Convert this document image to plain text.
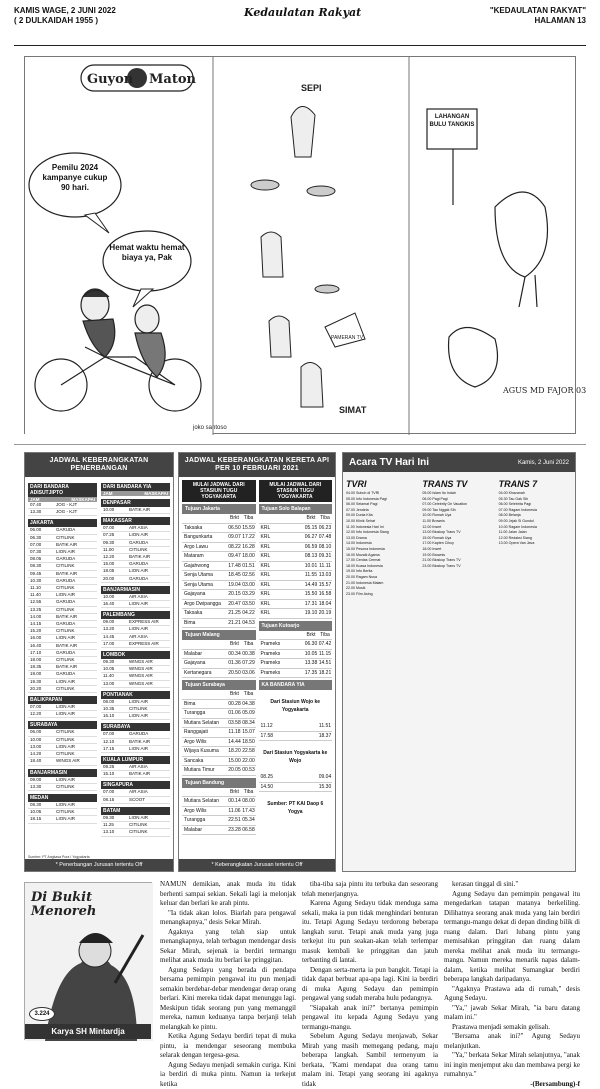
KAMIS WAGE, 2 JUNI 2022
( 2 DULKAIDAH 1955 )
Kedaulatan Rakyat	"KEDAULATAN RAKYAT"
HALAMAN 13
Guyon Maton
Pemilu 2024 kampanye cukup 90 hari.
Hemat waktu hemat biaya ya, Pak
joko santoso
SEPI
PAMERAN TV
SIMAT
LAHANGAN BULU TANGKIS
AGUS MD FAJOR 03
JADWAL KEBERANGKATAN
PENERBANGAN
DARI BANDARA ADISUTJIPTO
JAM	MASKAPAI
07.40	JOG - KJT
13.30	JOG - KJT
JAKARTA
06.00	GARUDA
06.30	CITILINK
07.00	BATIK AIR
07.30	LION AIR
08.05	GARUDA
08.30	CITILINK
09.45	BATIK AIR
10.30	GARUDA
11.10	CITILINK
11.40	LION AIR
12.55	GARUDA
13.25	CITILINK
14.00	BATIK AIR
14.15	GARUDA
15.20	CITILINK
16.00	LION AIR
16.40	BATIK AIR
17.10	GARUDA
18.00	CITILINK
18.35	BATIK AIR
19.00	GARUDA
19.30	LION AIR
20.20	CITILINK
BALIKPAPAN
07.00	LION AIR
12.20	LION AIR
SURABAYA
06.00	CITILINK
10.00	CITILINK
13.00	LION AIR
14.20	CITILINK
18.40	WINGS AIR
BANJARMASIN
09.00	LION AIR
13.30	CITILINK
MEDAN
08.30	LION AIR
10.05	CITILINK
18.15	LION AIR
DARI BANDARA YIA
JAM	MASKAPAI
DENPASAR
10.00	BATIK AIR
MAKASSAR
07.00	AIR ASIA
07.25	LION AIR
09.30	GARUDA
11.00	CITILINK
12.20	BATIK AIR
15.00	GARUDA
18.05	LION AIR
20.00	GARUDA
BANJARMASIN
10.00	AIR ASIA
16.40	LION AIR
PALEMBANG
09.00	EXPRESS AIR
13.20	LION AIR
14.45	AIR ASIA
17.00	EXPRESS AIR
LOMBOK
09.30	WINGS AIR
10.05	WINGS AIR
11.40	WINGS AIR
13.00	WINGS AIR
PONTIANAK
08.00	LION AIR
10.35	CITILINK
16.10	LION AIR
SURABAYA
07.00	GARUDA
12.10	BATIK AIR
17.15	LION AIR
KUALA LUMPUR
09.25	AIR ASIA
15.10	BATIK AIR
SINGAPURA
07.00	AIR ASIA
08.15	SCOOT
BATAM
09.30	LION AIR
11.25	CITILINK
13.10	CITILINK
Sumber: PT Angkasa Pura I Yogyakarta
* Penerbangan Jurusan tertentu Off
JADWAL KEBERANGKATAN KERETA API
PER 10 FEBRUARI 2021
MULAI JADWAL DARI STASIUN TUGU YOGYAKARTA
Tujuan Jakarta
Brkt Tiba
Taksaka	06.50 15.59
Bangunkarta	09.07 17.22
Argo Lawu	08.22 16.28
Mataram	09.47 18.00
Gajahwong	17.48 01.51
Senja Utama	18.45 02.56
Senja Utama	19.04 03.00
Gajayana	20.15 03.29
Argo Dwipangga	20.47 03.50
Taksaka	21.25 04.22
Bima	21.21 04.53
Tujuan Malang
Brkt Tiba
Malabar	00.34 00.38
Gajayana	01.36 07.29
Kertanegara	20.50 03.06
Tujuan Surabaya
Brkt Tiba
Bima	00.28 04.38
Turangga	01.06 05.09
Mutiara Selatan	03.58 08.34
Ranggajati	11.18 15.07
Argo Wilis	14.44 18.50
Wijaya Kusuma	18.20 22.58
Sancaka	15.00 22.00
Mutiara Timur	20.05 00.53
Tujuan Bandung
Brkt Tiba
Mutiara Selatan	00.14 08.00
Argo Wilis	11.06 17.43
Turangga	22.51 05.34
Malabar	23.28 06.58
MULAI JADWAL DARI STASIUN TUGU YOGYAKARTA
Tujuan Solo Balapan
Brkt Tiba
KRL	05.15 06.23
KRL	06.27 07.48
KRL	06.59 08.10
KRL	08.13 09.31
KRL	10.01 11.11
KRL	11.55 13.03
KRL	14.49 15.57
KRL	15.50 16.58
KRL	17.31 18.04
KRL	19.10 20.19
Tujuan Kutoarjo
Brkt Tiba
Prameks	06.30 07.42
Prameks	10.05 11.15
Prameks	13.38 14.51
Prameks	17.35 18.21
KA BANDARA YIA
Dari Stasiun Wojo ke Yogyakarta
11.12	11.51
17.58	18.37
Dari Stasiun Yogyakarta ke Wojo
08.25	09.04
14.50	15.30
Sumber: PT KAI Daop 6 Yogya
* Keberangkatan Jurusan tertentu Off
Acara TV Hari Ini	Kamis, 2 Juni 2022
TVRI
04.00 Subuh di TVRI
05.00 Info Indonesia Pagi
06.00 Selamat Pagi
07.00 Jendela
09.00 Dunia Kita
10.00 Klinik Sehat
11.00 Indonesia Hari Ini
12.00 Info Indonesia Siang
13.00 Drama
14.00 Indonesia
15.00 Pesona Indonesia
16.00 Mozaik Agama
17.00 Cerdas Cermat
18.00 Kuasa Indonesia
19.00 Info Berita
20.00 Ragam Nusa
21.00 Indonesia Malam
22.00 Musik
23.00 Film Asing
TRANS TV
05.00 Islam Itu Indah
06.00 Pagi Pagi
07.00 Celebrity On Vacation
09.00 Tau Nggak Sih
10.00 Rumah Uya
11.00 Brownis
12.00 Insert
13.00 Bioskop Trans TV
15.00 Rumah Uya
17.00 Kapten Cihuy
18.00 Insert
19.00 Brownis
21.00 Bioskop Trans TV
23.00 Bioskop Trans TV
TRANS 7
04.00 Khazanah
05.30 Tau Gak Sih
06.00 Selebrita Pagi
07.00 Ragam Indonesia
08.00 Belanja
09.00 Jejak Si Gundul
10.00 Ragam Indonesia
11.00 Jalan Jalan
12.00 Redaksi Siang
13.00 Opera Van Java
Di Bukit Menoreh
3.224
Karya SH Mintardja

NAMUN demikian, anak muda itu tidak berhenti sampai sekian. Sekali lagi ia melonjak keluar dan berlari ke arah pintu.

"Ia tidak akan lolos. Biarlah para pengawal menangkapnya," desis Sekar Mirah.

Agaknya yang telah siap untuk menangkapnya, telah terbagun mendengar desis Sekar Mirah, sejenak ia berdiri termangu melihat anak muda itu berlari ke pringgitan.

Agung Sedayu yang berada di pendapa bersama pemimpin pengawal itu pun menjadi semakin berdebar-debar mendengar derap orang berlari. Kini mereka tidak dapat menunggu lagi. Meskipun tidak seorang pun yang memanggil mereka, namun keduanya tanpa berjanji telah melangkah ke pintu.

Ketika Agung Sedayu berdiri tepat di muka pintu, ia mendengar seseorang membuka selarak dengan tergesa-gesa.

Agung Sedayu menjadi semakin curiga. Kini ia berdiri di muka pintu. Namun ia terkejut ketika

tiba-tiba saja pintu itu terbuka dan seseorang telah menerjangnya.

Karena Agung Sedayu tidak menduga sama sekali, maka ia pun tidak menghindari benturan itu. Tetapi Agung Sedayu terdorong beberapa langkah surut. Tetapi anak muda yang juga terkejut itu pun seakan-akan telah terlempar masuk kembali ke pringgitan dan jatuh terbanting di lantai.

Dengan serta-merta ia pun bangkit. Tetapi ia tidak dapat berbuat apa-apa lagi. Kini ia berdiri di muka Agung Sedayu dan pemimpin pengawal yang sudah meraba hulu pedangnya.

"Siapakah anak ini?" bertanya pemimpin pengawal itu kepada Agung Sedayu yang termangu-mangu.

Sebelum Agung Sedayu menjawab, Sekar Mirah yang masih memegang pedang, maju beberapa langkah. Sambil termenyum ia berkata, "Kami mendapat dua orang tamu malam ini. Tetapi yang seorang ini agaknya tidak

kerasan tinggal di sini."

Agung Sedayu dan pemimpin pengawal itu mengedarkan tatapan matanya berkeliling. Dilihatnya seorang anak muda yang lain berdiri termangu-mangu dekat di depan dinding bilik di ruang dalam. Dari lubang pintu yang memisahkan pringgitan dan ruang dalam mereka melihat anak muda itu termangu-mangu. Namun mereka menarik napas dalam-dalam, ketika melihat Sumangkar berdiri beberapa langkah daripadanya.

"Agaknya Prastawa ada di rumah," desis Agung Sedayu.

"Ya," jawab Sekar Mirah, "ia baru datang malam ini."

Prastawa menjadi semakin gelisah.

"Bersama anak ini?" Agung Sedayu melanjutkan.

"Ya," berkata Sekar Mirah selanjutnya, "anak ini ingin menjemput aku dan membawa pergi ke rumahnya."

-(Bersambung)-f
